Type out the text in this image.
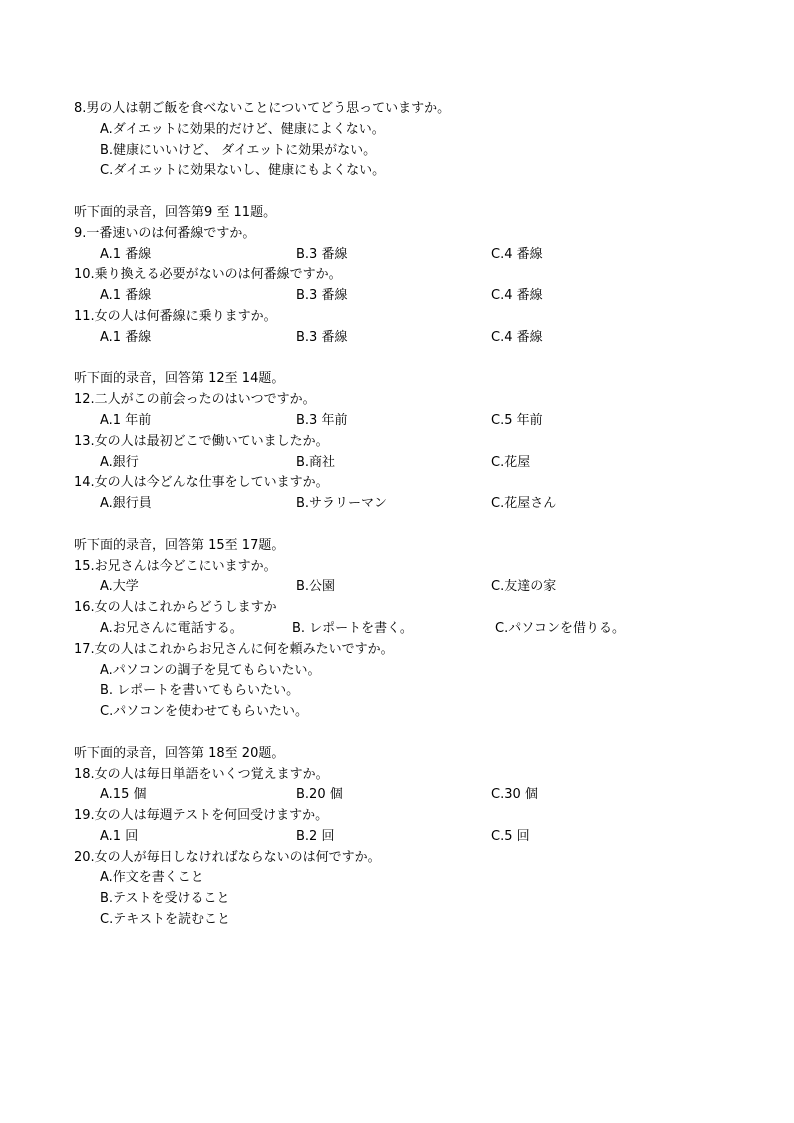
8.男の人は朝ご飯を食べないことについてどう思っていますか。
A.ダイエットに効果的だけど、健康によくない。
B.健康にいいけど、 ダイエットに効果がない。
C.ダイエットに効果ないし、健康にもよくない。
听下面的录音，回答第9 至 11题。
9.一番速いのは何番線ですか。
A.1 番線	B.3 番線	C.4 番線
10.乗り換える必要がないのは何番線ですか。
A.1 番線	B.3 番線	C.4 番線
11.女の人は何番線に乗りますか。
A.1 番線	B.3 番線	C.4 番線
听下面的录音，回答第 12至 14题。
12.二人がこの前会ったのはいつですか。
A.1 年前	B.3 年前	C.5 年前
13.女の人は最初どこで働いていましたか。
A.銀行	B.商社	C.花屋
14.女の人は今どんな仕事をしていますか。
A.銀行員	B.サラリーマン	C.花屋さん
听下面的录音，回答第 15至 17题。
15.お兄さんは今どこにいますか。
A.大学	B.公園	C.友達の家
16.女の人はこれからどうしますか
A.お兄さんに電話する。	B. レポートを書く。	C.パソコンを借りる。
17.女の人はこれからお兄さんに何を頼みたいですか。
A.パソコンの調子を見てもらいたい。
B. レポートを書いてもらいたい。
C.パソコンを使わせてもらいたい。
听下面的录音，回答第 18至 20题。
18.女の人は毎日単語をいくつ覚えますか。
A.15 個	B.20 個	C.30 個
19.女の人は毎週テストを何回受けますか。
A.1 回	B.2 回	C.5 回
20.女の人が毎日しなければならないのは何ですか。
A.作文を書くこと
B.テストを受けること
C.テキストを読むこと
